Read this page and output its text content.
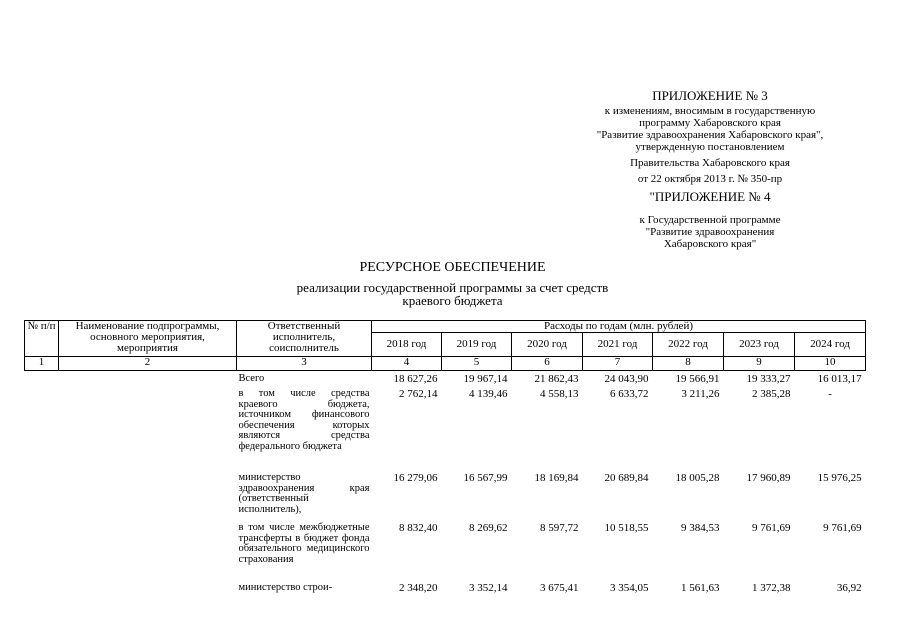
ПРИЛОЖЕНИЕ № 3
к изменениям, вносимым в государственную
программу Хабаровского края
"Развитие здравоохранения Хабаровского края",
утвержденную постановлением
Правительства Хабаровского края
от 22 октября 2013 г. № 350-пр
"ПРИЛОЖЕНИЕ № 4
к Государственной программе
"Развитие здравоохранения
Хабаровского края"
РЕСУРСНОЕ ОБЕСПЕЧЕНИЕ
реализации государственной программы за счет средств
краевого бюджета
№ п/п	Наименование подпрограммы, основного мероприятия, мероприятия	Ответственный исполнитель, соисполнитель	Расходы по годам (млн. рублей)						
			2018 год	2019 год	2020 год	2021 год	2022 год	2023 год	2024 год
1	2	3	4	5	6	7	8	9	10

		Всего	18 627,26	19 967,14	21 862,43	24 043,90	19 566,91	19 333,27	16 013,17
		в том числе средства краевого бюджета, источником финансового обеспечения которых являются средства федерального бюджета	2 762,14	4 139,46	4 558,13	6 633,72	3 211,26	2 385,28	-
		министерство здравоохранения края (ответственный исполнитель),	16 279,06	16 567,99	18 169,84	20 689,84	18 005,28	17 960,89	15 976,25
		в том числе межбюджетные трансферты в бюджет фонда обязательного медицинского страхования	8 832,40	8 269,62	8 597,72	10 518,55	9 384,53	9 761,69	9 761,69
		министерство строи-	2 348,20	3 352,14	3 675,41	3 354,05	1 561,63	1 372,38	36,92
